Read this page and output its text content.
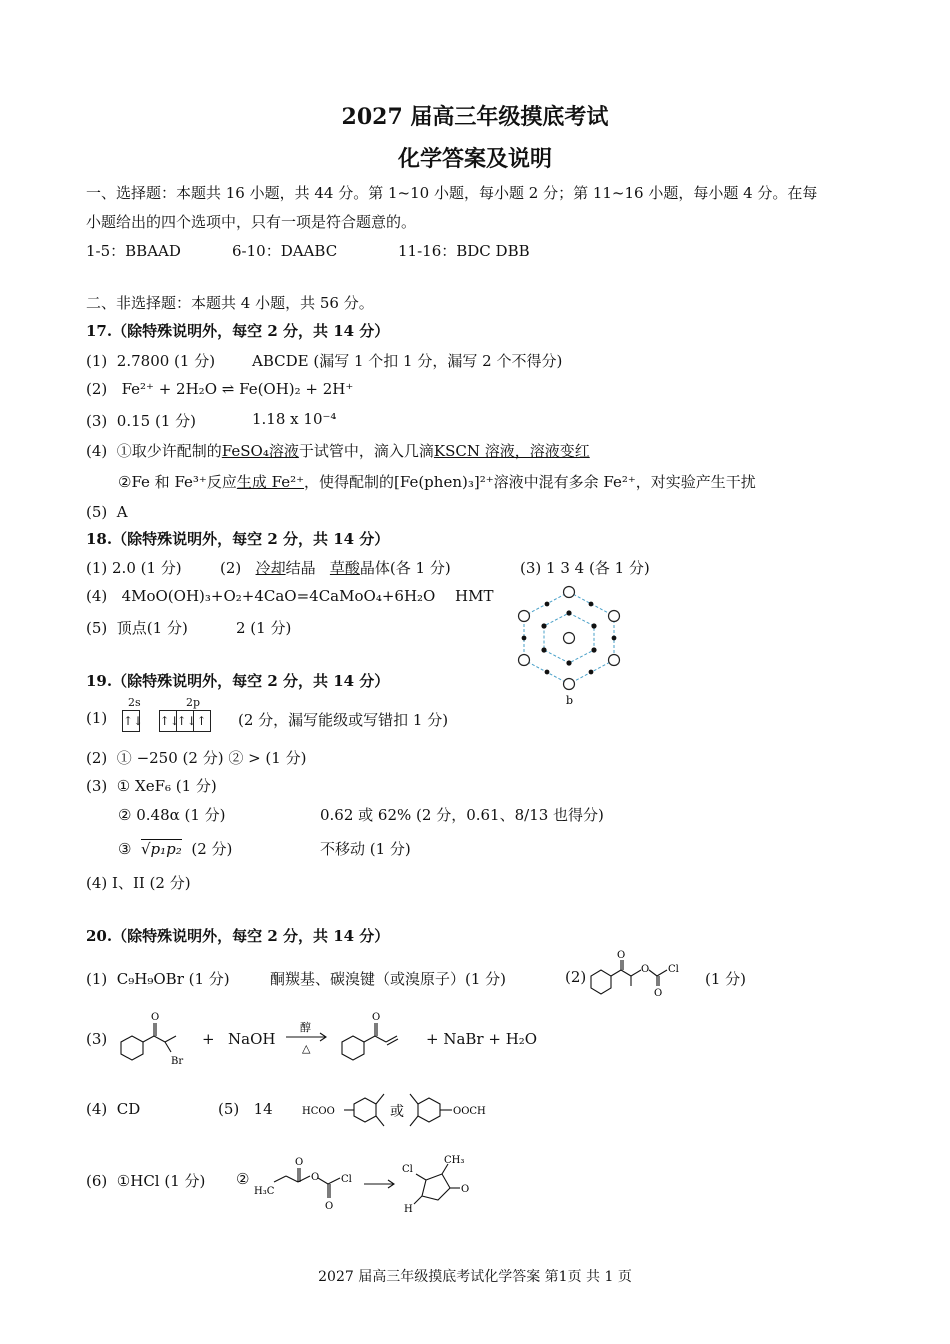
2027 届高三年级摸底考试
化学答案及说明
一、选择题：本题共 16 小题，共 44 分。第 1~10 小题，每小题 2 分；第 11~16 小题，每小题 4 分。在每
小题给出的四个选项中，只有一项是符合题意的。
1-5：BBAAD	6-10：DAABC	11-16：BDC DBB
二、非选择题：本题共 4 小题，共 56 分。
17.（除特殊说明外，每空 2 分，共 14 分）
(1) 2.7800 (1 分) ABCDE (漏写 1 个扣 1 分，漏写 2 个不得分)
(2) Fe²⁺ + 2H₂O ⇌ Fe(OH)₂ + 2H⁺
(3) 0.15 (1 分)	1.18 x 10⁻⁴
(4) ①取少许配制的FeSO₄溶液于试管中，滴入几滴KSCN 溶液，溶液变红
②Fe 和 Fe³⁺反应生成 Fe²⁺，使得配制的[Fe(phen)₃]²⁺溶液中混有多余 Fe²⁺，对实验产生干扰
(5) A
18.（除特殊说明外，每空 2 分，共 14 分）
(1) 2.0 (1 分)	(2) 冷却结晶 草酸晶体(各 1 分)	(3) 1 3 4 (各 1 分)
(4) 4MoO(OH)₃+O₂+4CaO=4CaMoO₄+6H₂O HMT
(5) 顶点(1 分)	2 (1 分)
b
19.（除特殊说明外，每空 2 分，共 14 分）
(1)
2s	2p
↑↓ ↑↓↑↓↑ (2 分，漏写能级或写错扣 1 分)
(2) ① −250 (2 分) ② > (1 分)
(3) ① XeF₆ (1 分)
② 0.48α (1 分)	0.62 或 62% (2 分，0.61、8/13 也得分)
③ √p₁p₂ (2 分)	不移动 (1 分)
(4) I、II (2 分)
20.（除特殊说明外，每空 2 分，共 14 分）
(1) C₉H₉OBr (1 分)	酮羰基、碳溴键（或溴原子）(1 分)	(2)	(1 分)
O
O Cl
O
(3)
O
Br
+ NaOH
醇
△
O
+ NaBr + H₂O
(4) CD	(5) 14	HCOO	或	OOCH
(6) ①HCl (1 分) ②
H₃C
O
O Cl
O
Cl
CH₃
O
H
2027 届高三年级摸底考试化学答案 第1页 共 1 页
